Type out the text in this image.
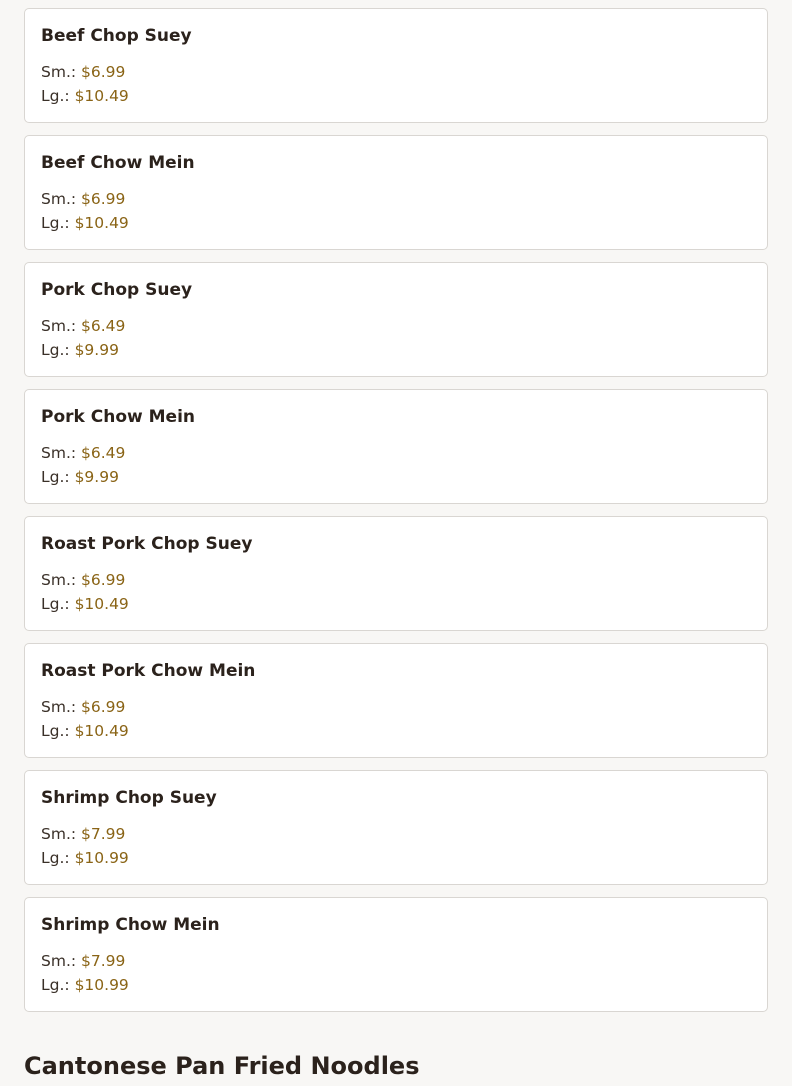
Beef Chop Suey
Sm.: $6.99
Lg.: $10.49
Beef Chow Mein
Sm.: $6.99
Lg.: $10.49
Pork Chop Suey
Sm.: $6.49
Lg.: $9.99
Pork Chow Mein
Sm.: $6.49
Lg.: $9.99
Roast Pork Chop Suey
Sm.: $6.99
Lg.: $10.49
Roast Pork Chow Mein
Sm.: $6.99
Lg.: $10.49
Shrimp Chop Suey
Sm.: $7.99
Lg.: $10.99
Shrimp Chow Mein
Sm.: $7.99
Lg.: $10.99
Cantonese Pan Fried Noodles
